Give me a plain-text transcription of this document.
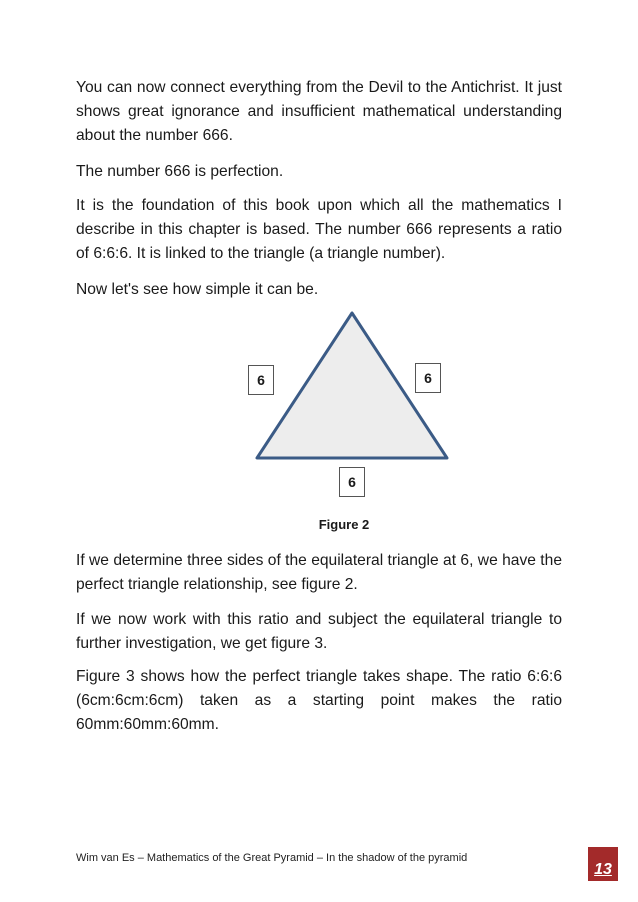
You can now connect everything from the Devil to the Antichrist. It just shows great ignorance and insufficient mathematical understanding about the number 666.

The number 666 is perfection.

It is the foundation of this book upon which all the mathematics I describe in this chapter is based. The number 666 represents a ratio of 6:6:6. It is linked to the triangle (a triangle number).

Now let's see how simple it can be.

6	6
6
Figure 2

If we determine three sides of the equilateral triangle at 6, we have the perfect triangle relationship, see figure 2.

If we now work with this ratio and subject the equilateral triangle to further investigation, we get figure 3.

Figure 3 shows how the perfect triangle takes shape. The ratio 6:6:6 (6cm:6cm:6cm) taken as a starting point makes the ratio 60mm:60mm:60mm.

Wim van Es – Mathematics of the Great Pyramid – In the shadow of the pyramid
13
